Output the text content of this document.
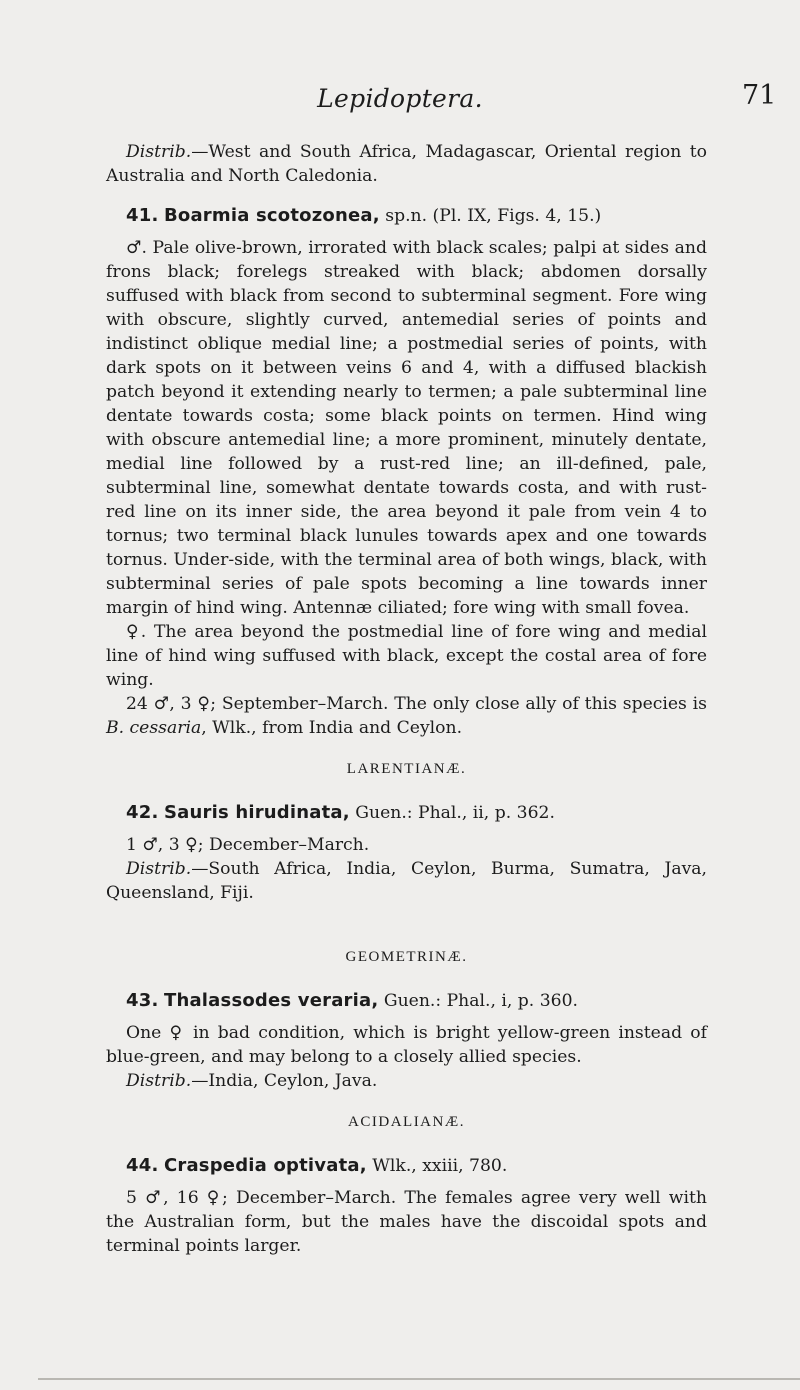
Lepidoptera.	71

Distrib.—West and South Africa, Madagascar, Oriental region to Australia and North Caledonia.

41. Boarmia scotozonea, sp.n. (Pl. IX, Figs. 4, 15.)

♂. Pale olive-brown, irrorated with black scales; palpi at sides and frons black; forelegs streaked with black; abdomen dorsally suffused with black from second to subterminal segment. Fore wing with obscure, slightly curved, antemedial series of points and indistinct oblique medial line; a postmedial series of points, with dark spots on it between veins 6 and 4, with a diffused blackish patch beyond it extending nearly to termen; a pale subterminal line dentate towards costa; some black points on termen. Hind wing with obscure antemedial line; a more prominent, minutely dentate, medial line followed by a rust-red line; an ill-defined, pale, subterminal line, somewhat dentate towards costa, and with rust-red line on its inner side, the area beyond it pale from vein 4 to tornus; two terminal black lunules towards apex and one towards tornus. Under-side, with the terminal area of both wings, black, with subterminal series of pale spots becoming a line towards inner margin of hind wing. Antennæ ciliated; fore wing with small fovea.

♀. The area beyond the postmedial line of fore wing and medial line of hind wing suffused with black, except the costal area of fore wing.

24 ♂, 3 ♀; September–March. The only close ally of this species is B. cessaria, Wlk., from India and Ceylon.

LARENTIANÆ.

42. Sauris hirudinata, Guen.: Phal., ii, p. 362.

1 ♂, 3 ♀; December–March.

Distrib.—South Africa, India, Ceylon, Burma, Sumatra, Java, Queensland, Fiji.

GEOMETRINÆ.

43. Thalassodes veraria, Guen.: Phal., i, p. 360.

One ♀ in bad condition, which is bright yellow-green instead of blue-green, and may belong to a closely allied species.

Distrib.—India, Ceylon, Java.

ACIDALIANÆ.

44. Craspedia optivata, Wlk., xxiii, 780.

5 ♂, 16 ♀; December–March. The females agree very well with the Australian form, but the males have the discoidal spots and terminal points larger.
